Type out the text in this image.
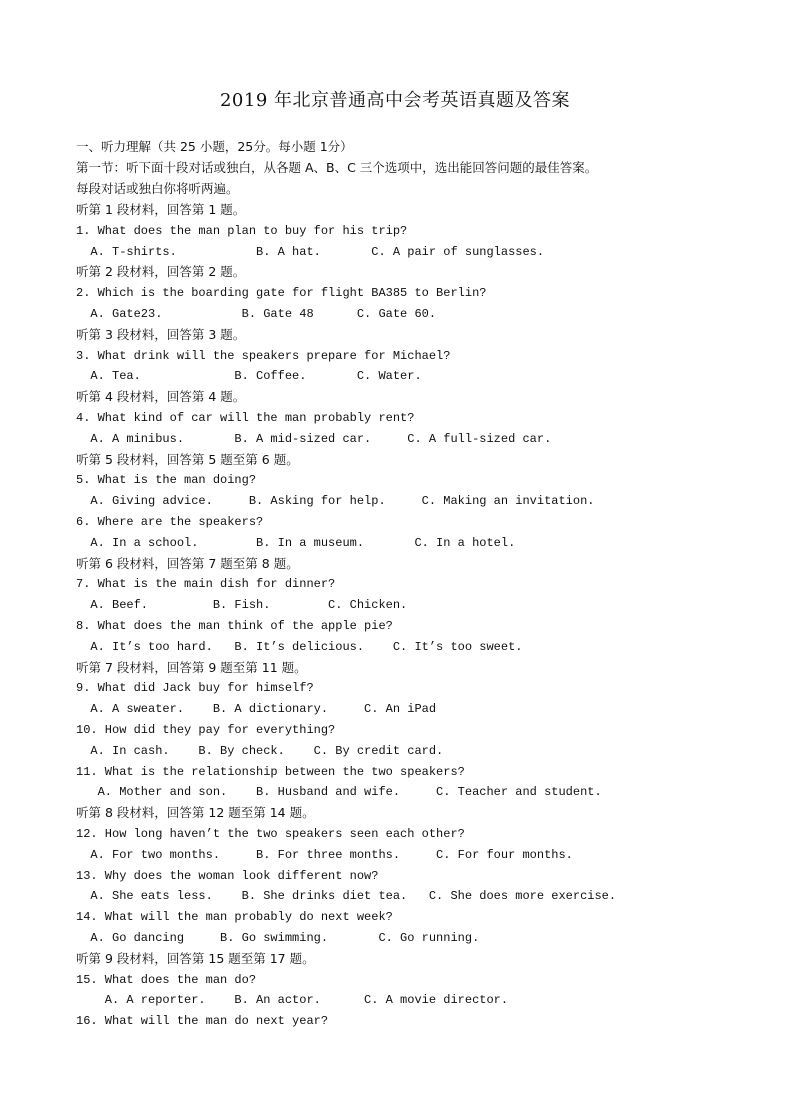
2019 年北京普通高中会考英语真题及答案
一、听力理解（共 25 小题，25分。每小题 1分）
第一节：听下面十段对话或独白，从各题 A、B、C 三个选项中，选出能回答问题的最佳答案。
每段对话或独白你将听两遍。
听第 1 段材料，回答第 1 题。
1. What does the man plan to buy for his trip?
A. T-shirts.           B. A hat.       C. A pair of sunglasses.
听第 2 段材料，回答第 2 题。
2. Which is the boarding gate for flight BA385 to Berlin?
A. Gate23.           B. Gate 48      C. Gate 60.
听第 3 段材料，回答第 3 题。
3. What drink will the speakers prepare for Michael?
A. Tea.             B. Coffee.       C. Water.
听第 4 段材料，回答第 4 题。
4. What kind of car will the man probably rent?
A. A minibus.       B. A mid-sized car.     C. A full-sized car.
听第 5 段材料，回答第 5 题至第 6 题。
5. What is the man doing?
A. Giving advice.     B. Asking for help.     C. Making an invitation.
6. Where are the speakers?
A. In a school.        B. In a museum.       C. In a hotel.
听第 6 段材料，回答第 7 题至第 8 题。
7. What is the main dish for dinner?
A. Beef.         B. Fish.        C. Chicken.
8. What does the man think of the apple pie?
A. It’s too hard.   B. It’s delicious.    C. It’s too sweet.
听第 7 段材料，回答第 9 题至第 11 题。
9. What did Jack buy for himself?
A. A sweater.    B. A dictionary.     C. An iPad
10. How did they pay for everything?
A. In cash.    B. By check.    C. By credit card.
11. What is the relationship between the two speakers?
A. Mother and son.    B. Husband and wife.     C. Teacher and student.
听第 8 段材料，回答第 12 题至第 14 题。
12. How long haven’t the two speakers seen each other?
A. For two months.     B. For three months.     C. For four months.
13. Why does the woman look different now?
A. She eats less.    B. She drinks diet tea.   C. She does more exercise.
14. What will the man probably do next week?
A. Go dancing     B. Go swimming.       C. Go running.
听第 9 段材料，回答第 15 题至第 17 题。
15. What does the man do?
A. A reporter.    B. An actor.      C. A movie director.
16. What will the man do next year?
